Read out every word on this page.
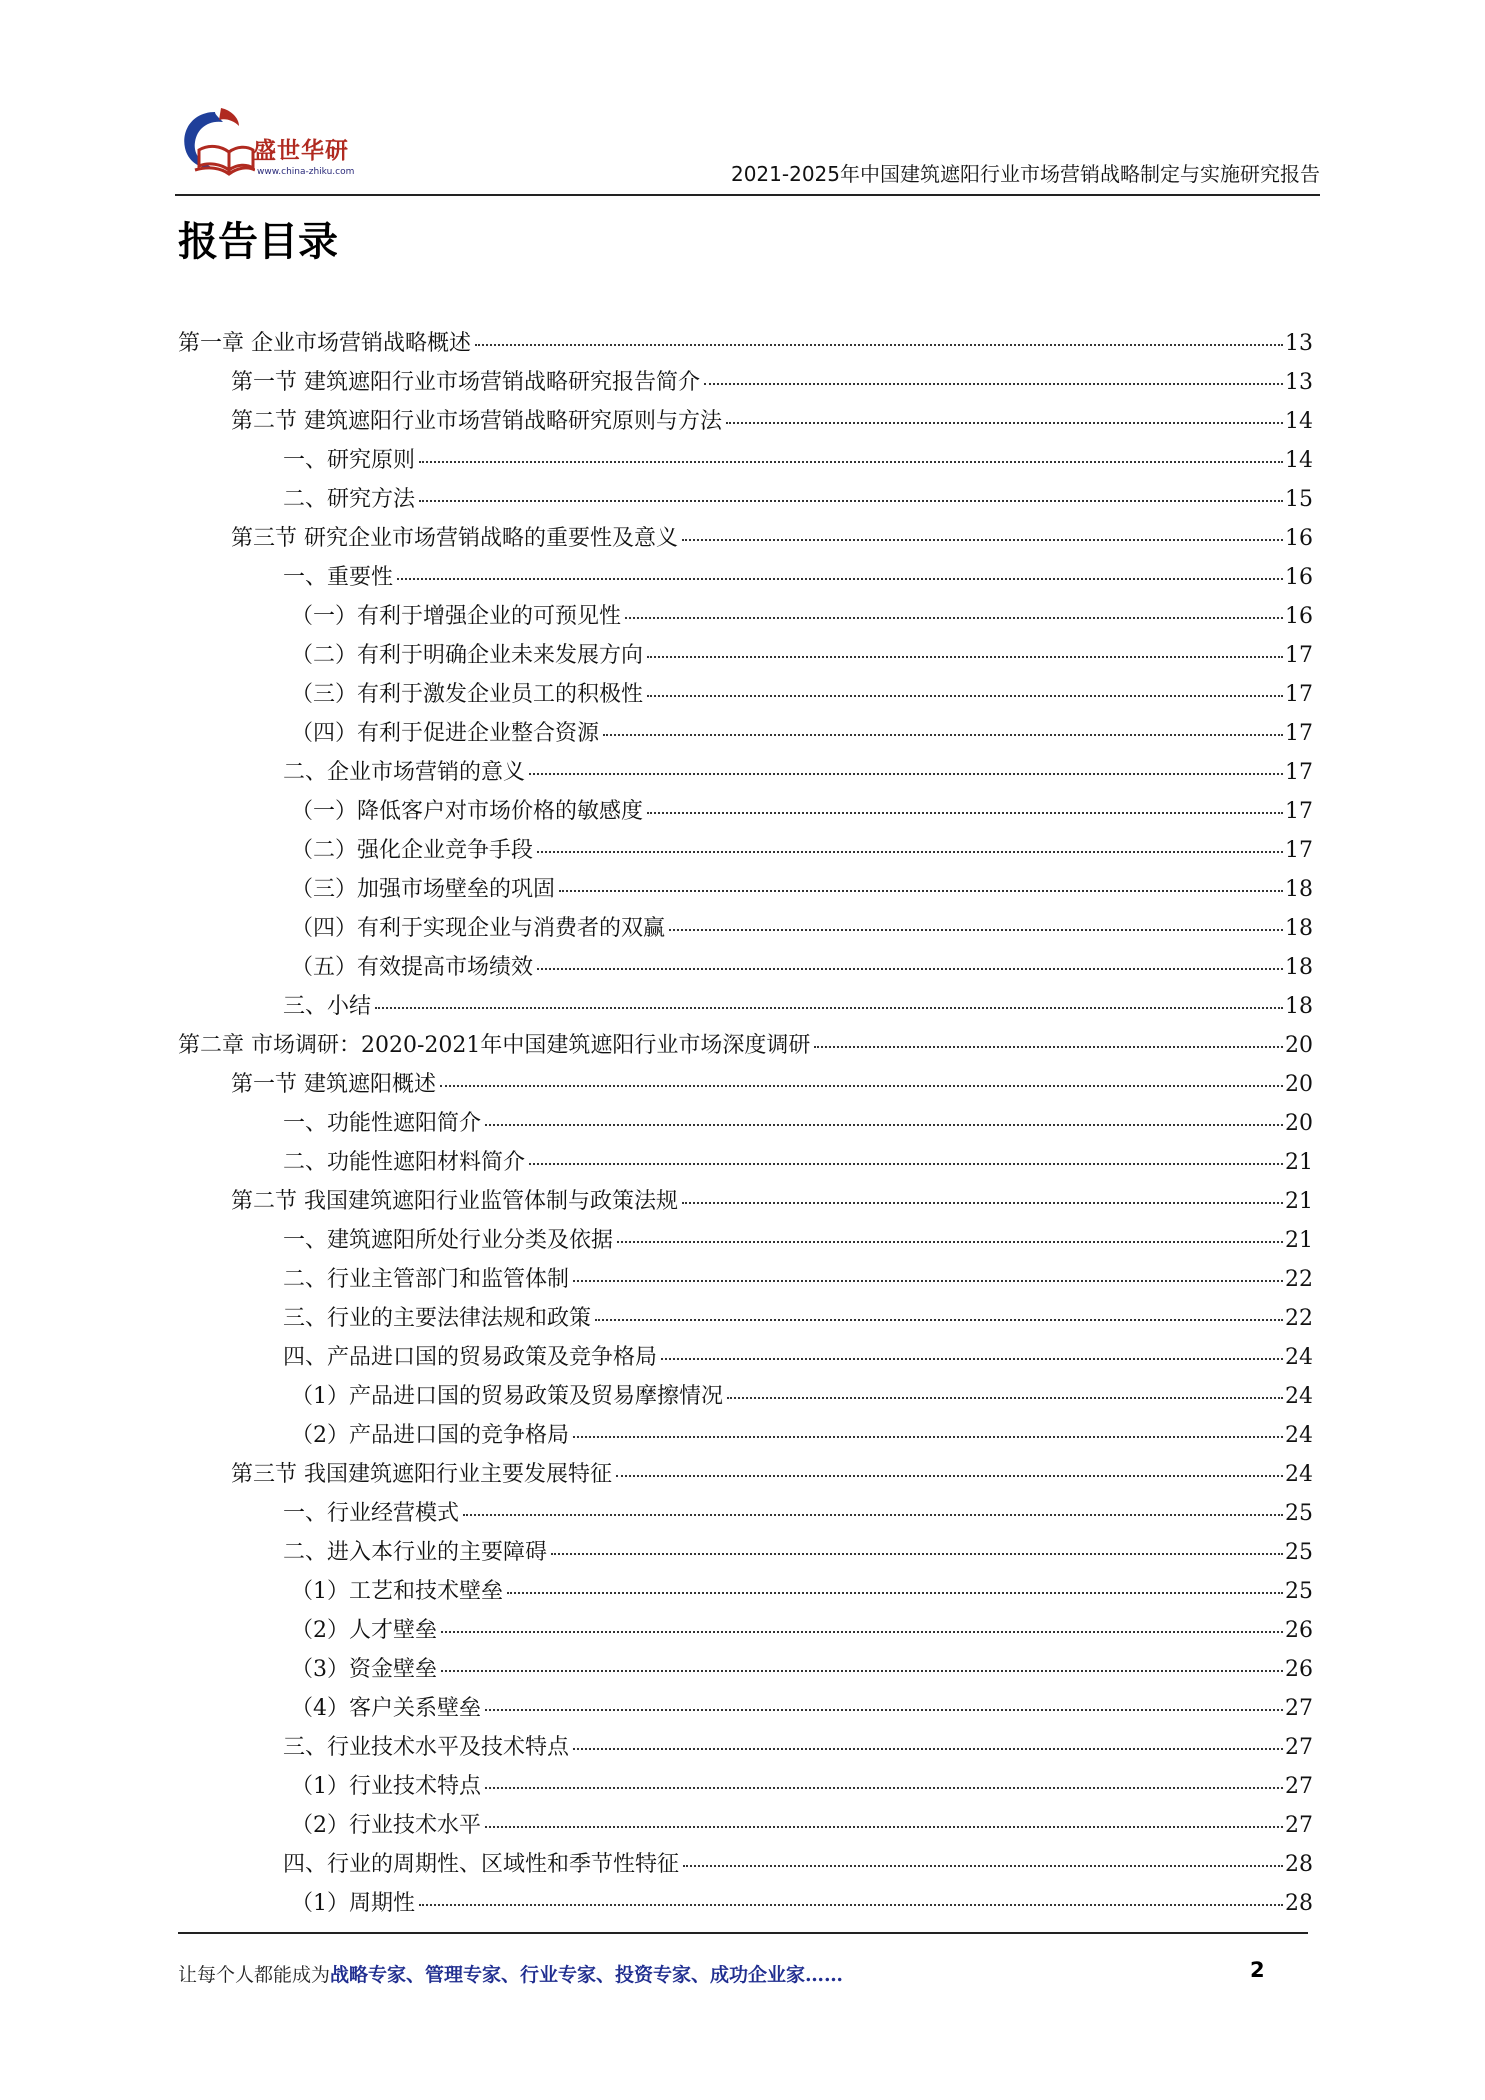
盛世华研
www.china-zhiku.com	2021-2025年中国建筑遮阳行业市场营销战略制定与实施研究报告
报告目录
第一章 企业市场营销战略概述	13
第一节 建筑遮阳行业市场营销战略研究报告简介	13
第二节 建筑遮阳行业市场营销战略研究原则与方法	14
一、研究原则	14
二、研究方法	15
第三节 研究企业市场营销战略的重要性及意义	16
一、重要性	16
（一）有利于增强企业的可预见性	16
（二）有利于明确企业未来发展方向	17
（三）有利于激发企业员工的积极性	17
（四）有利于促进企业整合资源	17
二、企业市场营销的意义	17
（一）降低客户对市场价格的敏感度	17
（二）强化企业竞争手段	17
（三）加强市场壁垒的巩固	18
（四）有利于实现企业与消费者的双赢	18
（五）有效提高市场绩效	18
三、小结	18
第二章 市场调研：2020-2021年中国建筑遮阳行业市场深度调研	20
第一节 建筑遮阳概述	20
一、功能性遮阳简介	20
二、功能性遮阳材料简介	21
第二节 我国建筑遮阳行业监管体制与政策法规	21
一、建筑遮阳所处行业分类及依据	21
二、行业主管部门和监管体制	22
三、行业的主要法律法规和政策	22
四、产品进口国的贸易政策及竞争格局	24
（1）产品进口国的贸易政策及贸易摩擦情况	24
（2）产品进口国的竞争格局	24
第三节 我国建筑遮阳行业主要发展特征	24
一、行业经营模式	25
二、进入本行业的主要障碍	25
（1）工艺和技术壁垒	25
（2）人才壁垒	26
（3）资金壁垒	26
（4）客户关系壁垒	27
三、行业技术水平及技术特点	27
（1）行业技术特点	27
（2）行业技术水平	27
四、行业的周期性、区域性和季节性特征	28
（1）周期性	28
让每个人都能成为战略专家、管理专家、行业专家、投资专家、成功企业家……	2
